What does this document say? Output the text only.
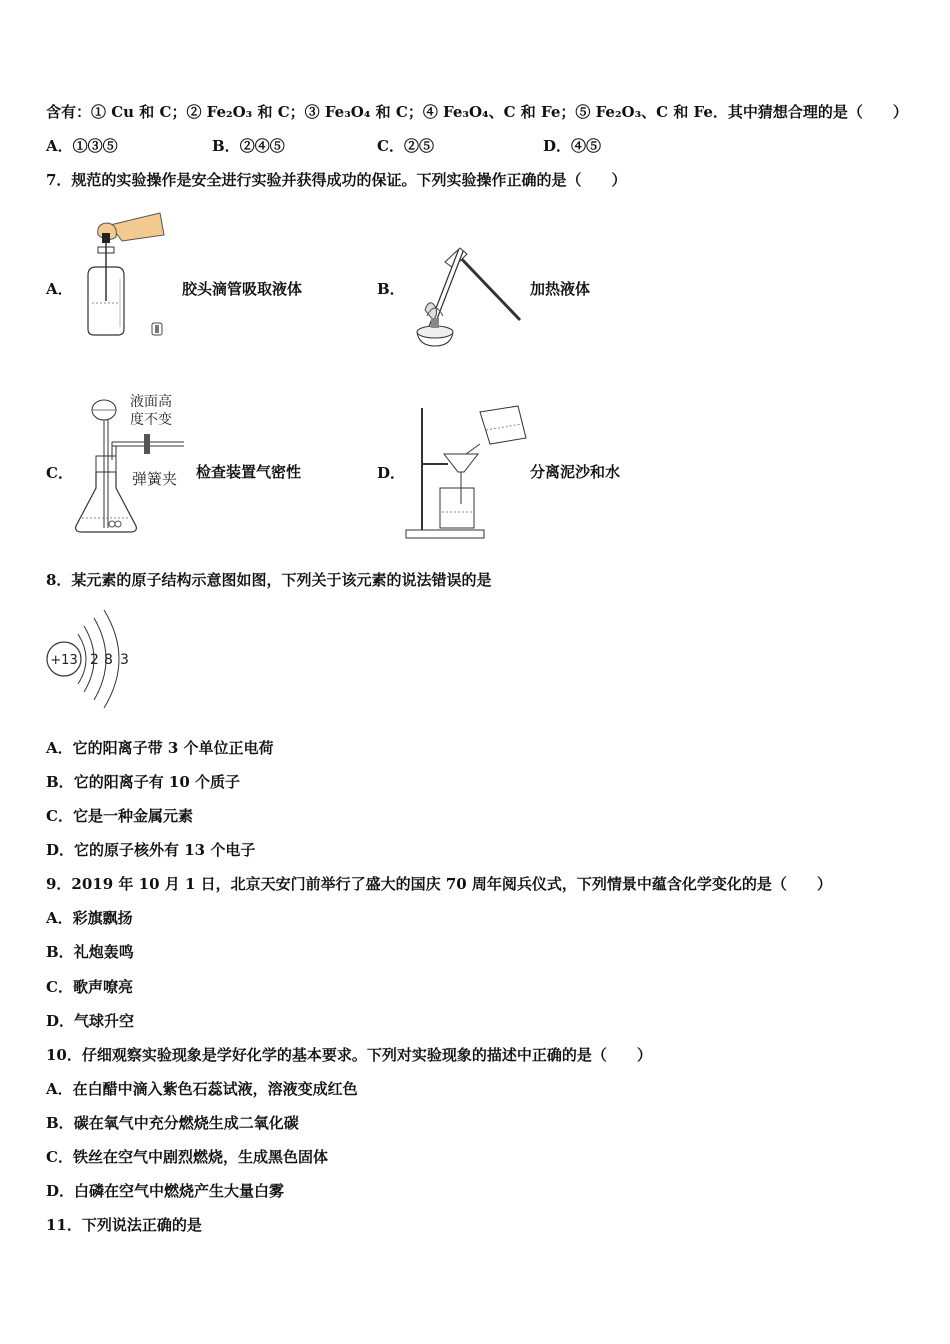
含有：① Cu 和 C；② Fe₂O₃ 和 C；③ Fe₃O₄ 和 C；④ Fe₃O₄、C 和 Fe；⑤ Fe₂O₃、C 和 Fe．其中猜想合理的是（　　）
A．①③⑤	B．②④⑤	C．②⑤	D．④⑤
7．规范的实验操作是安全进行实验并获得成功的保证。下列实验操作正确的是（　　）
A．	胶头滴管吸取液体	B．	加热液体
C．
液面高
度不变
弹簧夹 检查装置气密性	D．	分离泥沙和水
8．某元素的原子结构示意图如图，下列关于该元素的说法错误的是
+13 2 8 3
A．它的阳离子带 3 个单位正电荷
B．它的阳离子有 10 个质子
C．它是一种金属元素
D．它的原子核外有 13 个电子
9．2019 年 10 月 1 日，北京天安门前举行了盛大的国庆 70 周年阅兵仪式，下列情景中蕴含化学变化的是（　　）
A．彩旗飘扬
B．礼炮轰鸣
C．歌声嘹亮
D．气球升空
10．仔细观察实验现象是学好化学的基本要求。下列对实验现象的描述中正确的是（　　）
A．在白醋中滴入紫色石蕊试液，溶液变成红色
B．碳在氧气中充分燃烧生成二氧化碳
C．铁丝在空气中剧烈燃烧，生成黑色固体
D．白磷在空气中燃烧产生大量白雾
11．下列说法正确的是
